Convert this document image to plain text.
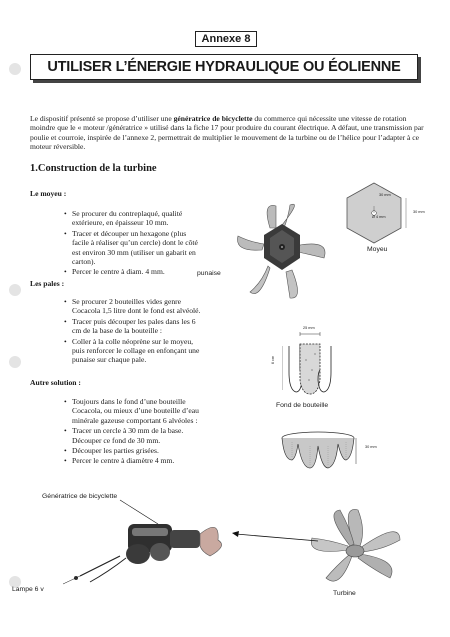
Annexe 8
UTILISER L’ÉNERGIE HYDRAULIQUE OU ÉOLIENNE

Le dispositif présenté se propose d’utiliser une génératrice de bicyclette du commerce qui nécessite une vitesse de rotation moindre que le « moteur /génératrice » utilisé dans la fiche 17 pour produire du courant électrique. A défaut, une transmission par poulie et courroie, inspirée de l’annexe 2, permettrait de multiplier le mouvement de la turbine ou de l’hélice pour l’adapter à ce moteur réversible.

1.Construction de la turbine

Le moyeu :

• Se procurer du contreplaqué, qualité extérieure, en épaisseur 10 mm.
• Tracer et découper un hexagone (plus facile à réaliser qu’un cercle) dont le côté est environ 30 mm (utiliser un gabarit en carton).
• Percer le centre à diam. 4 mm.

Les pales :

• Se procurer 2 bouteilles vides genre Cocacola 1,5 litre dont le fond est alvéolé.
• Tracer puis découper les pales dans les 6 cm de la base de la bouteille :
• Coller à la colle néoprène sur le moyeu, puis renforcer le collage en enfonçant une punaise sur chaque pale.

Autre solution :

• Toujours dans le fond d’une bouteille Cocacola, ou mieux d’une bouteille d’eau minérale gazeuse comportant 6 alvéoles :
• Tracer un cercle à 30 mm de la base. Découper ce fond de 30 mm.
• Découper les parties grisées.
• Percer le centre à diamètre 4 mm.
30 mm
Ø 4 mm
30 mm
Moyeu
punaise
25 mm
6 cm
Fond de bouteille
30 mm
Génératrice de bicyclette
Lampe 6 v
Turbine
